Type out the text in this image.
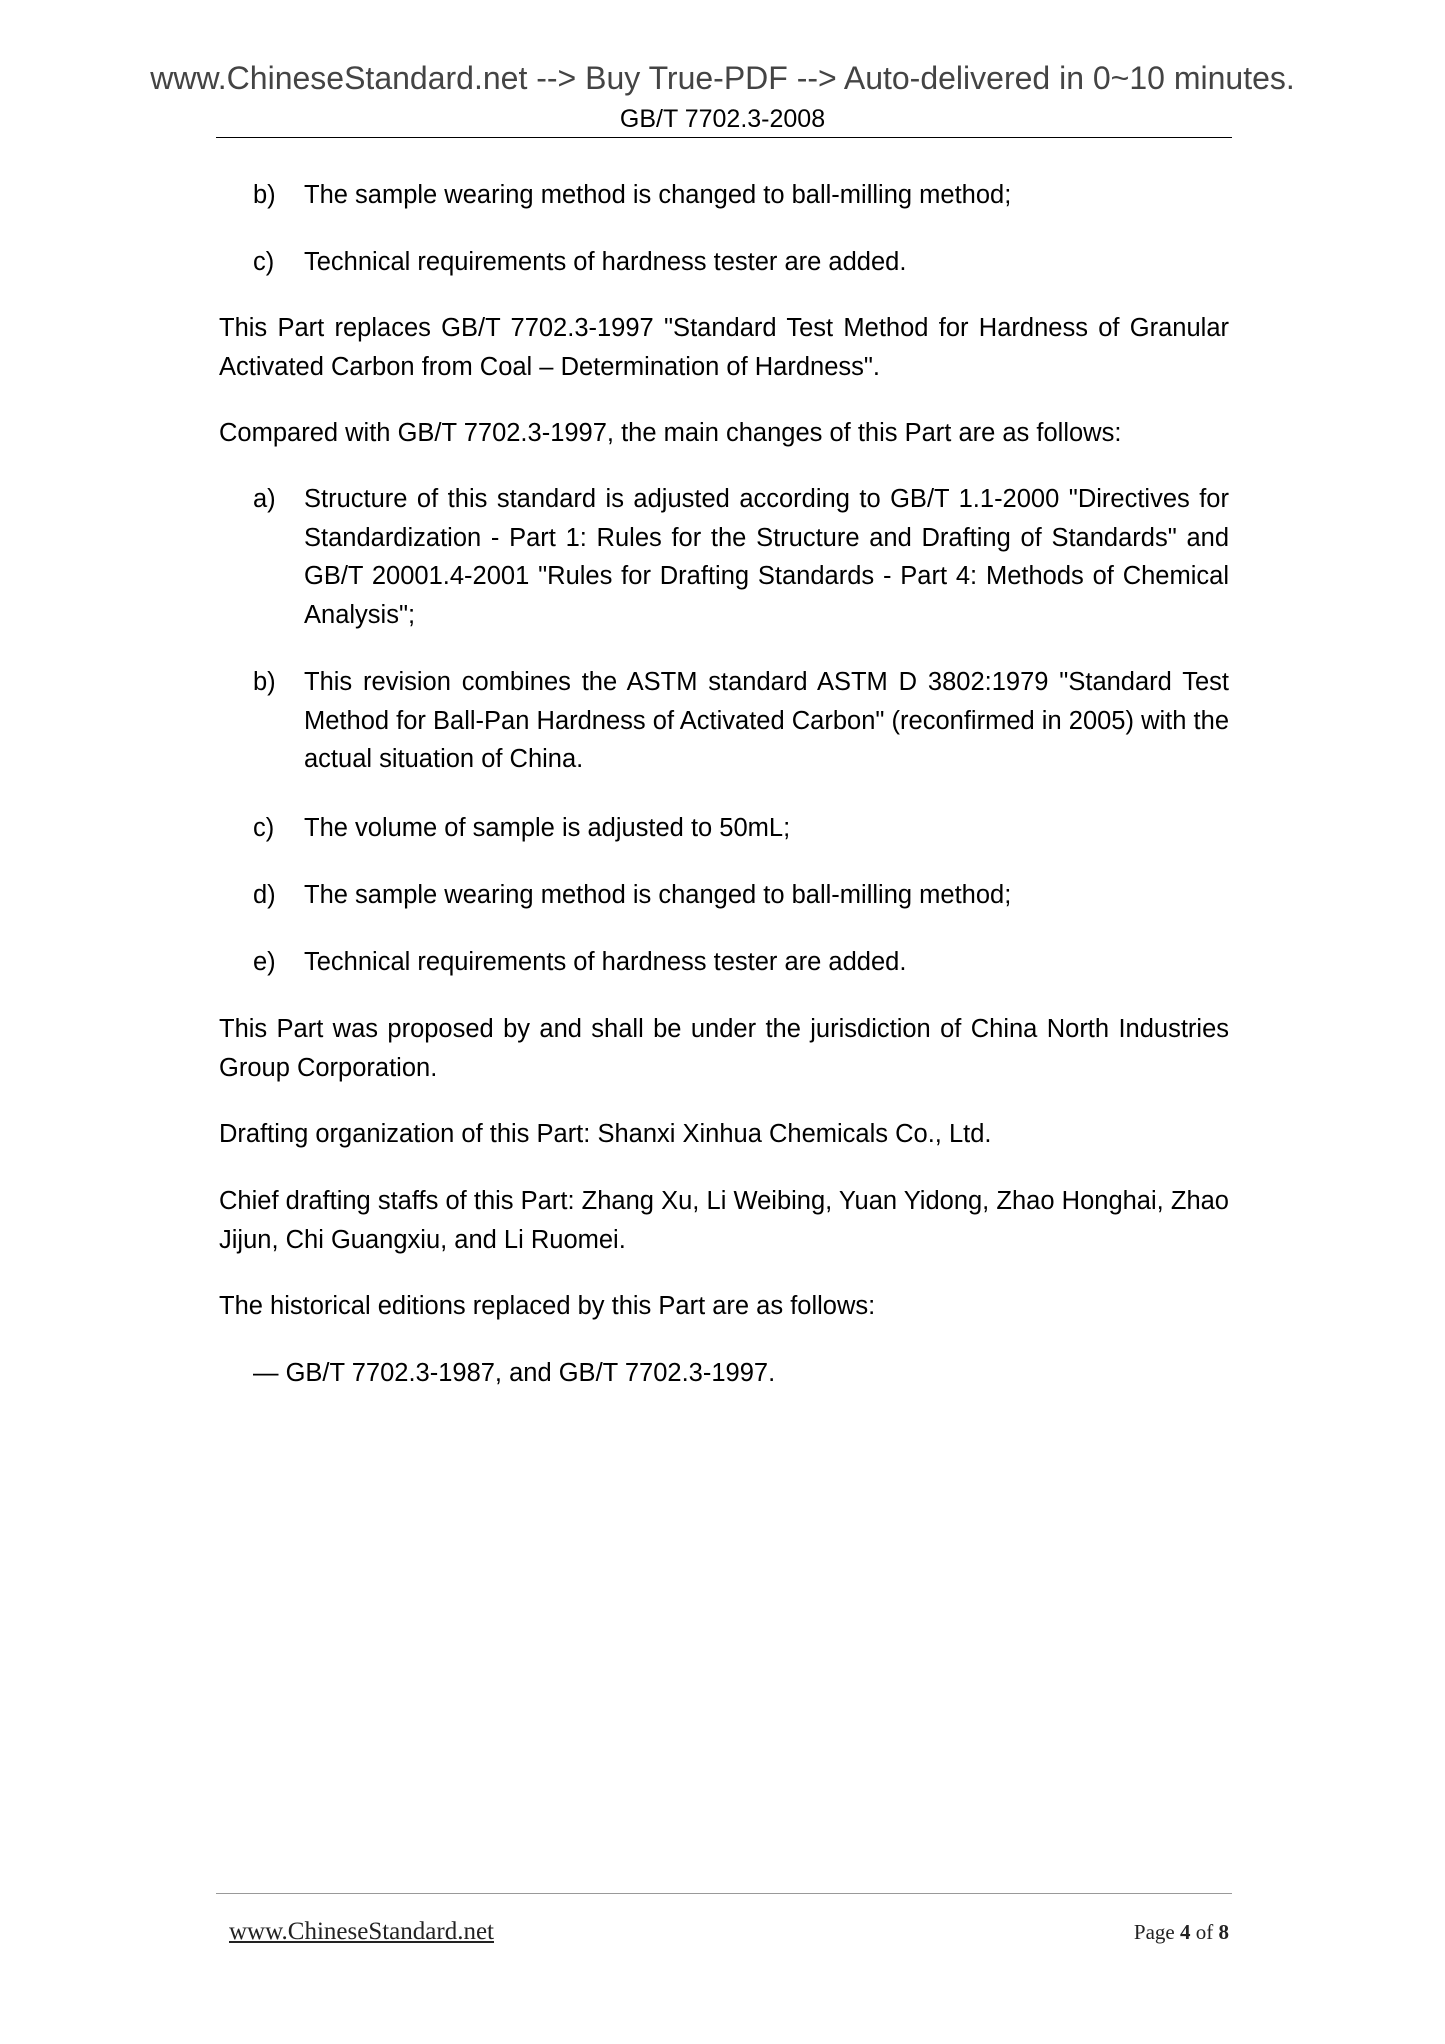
www.ChineseStandard.net --> Buy True-PDF --> Auto-delivered in 0~10 minutes.
GB/T 7702.3-2008
b) The sample wearing method is changed to ball-milling method;
c) Technical requirements of hardness tester are added.
This Part replaces GB/T 7702.3-1997 "Standard Test Method for Hardness of Granular Activated Carbon from Coal – Determination of Hardness".
Compared with GB/T 7702.3-1997, the main changes of this Part are as follows:
a) Structure of this standard is adjusted according to GB/T 1.1-2000 "Directives for Standardization - Part 1: Rules for the Structure and Drafting of Standards" and GB/T 20001.4-2001 "Rules for Drafting Standards - Part 4: Methods of Chemical Analysis";
b) This revision combines the ASTM standard ASTM D 3802:1979 "Standard Test Method for Ball-Pan Hardness of Activated Carbon" (reconfirmed in 2005) with the actual situation of China.
c) The volume of sample is adjusted to 50mL;
d) The sample wearing method is changed to ball-milling method;
e) Technical requirements of hardness tester are added.
This Part was proposed by and shall be under the jurisdiction of China North Industries Group Corporation.
Drafting organization of this Part: Shanxi Xinhua Chemicals Co., Ltd.
Chief drafting staffs of this Part: Zhang Xu, Li Weibing, Yuan Yidong, Zhao Honghai, Zhao Jijun, Chi Guangxiu, and Li Ruomei.
The historical editions replaced by this Part are as follows:
— GB/T 7702.3-1987, and GB/T 7702.3-1997.
www.ChineseStandard.net	Page 4 of 8
